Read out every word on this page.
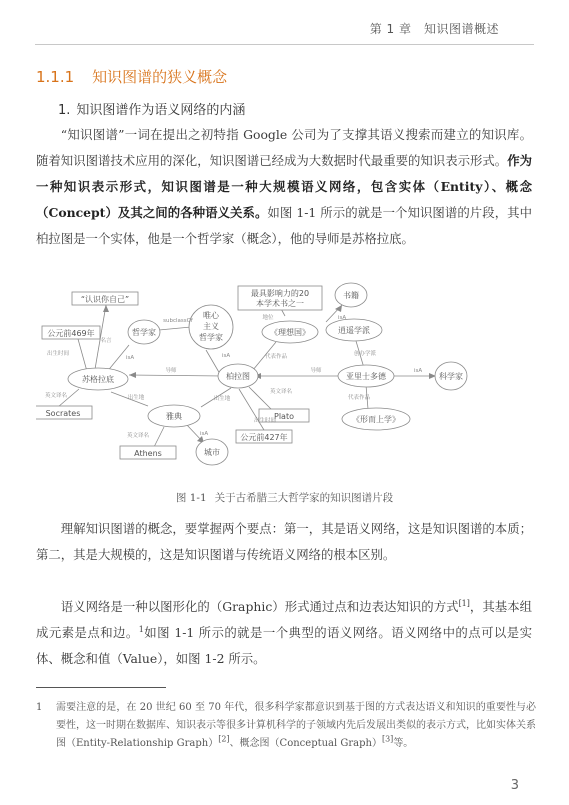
第 1 章　知识图谱概述
1.1.1 知识图谱的狭义概念
1. 知识图谱作为语义网络的内涵

“知识图谱”一词在提出之初特指 Google 公司为了支撑其语义搜索而建立的知识库。随着知识图谱技术应用的深化，知识图谱已经成为大数据时代最重要的知识表示形式。作为一种知识表示形式，知识图谱是一种大规模语义网络，包含实体（Entity）、概念（Concept）及其之间的各种语义关系。如图 1-1 所示的就是一个知识图谱的片段，其中柏拉图是一个实体，他是一个哲学家（概念），他的导师是苏格拉底。

“认识你自己”
公元前469年
最具影响力的20
本学术书之一
Socrates	Plato
公元前427年
Athens
哲学家
唯心
主义
哲学家
苏格拉底	柏拉图
《理想国》
书籍
逍遥学派
亚里士多德	科学家
《形而上学》
雅典
城市
名言
出生时间
isA
subclassOf
isA
导师	导师
英文译名	出生地	出生地
英文译名
出生时间
英文译名	isA
代表作品
地位	isA
创办学派
isA
代表作品
图 1-1 关于古希腊三大哲学家的知识图谱片段

理解知识图谱的概念，要掌握两个要点：第一，其是语义网络，这是知识图谱的本质；第二，其是大规模的，这是知识图谱与传统语义网络的根本区别。

语义网络是一种以图形化的（Graphic）形式通过点和边表达知识的方式[1]，其基本组成元素是点和边。$^1$如图 1-1 所示的就是一个典型的语义网络。语义网络中的点可以是实体、概念和值（Value），如图 1-2 所示。

1 需要注意的是，在 20 世纪 60 至 70 年代，很多科学家都意识到基于图的方式表达语义和知识的重要性与必要性，这一时期在数据库、知识表示等很多计算机科学的子领域内先后发展出类似的表示方式，比如实体关系图（Entity-Relationship Graph）[2]、概念图（Conceptual Graph）[3]等。
3
